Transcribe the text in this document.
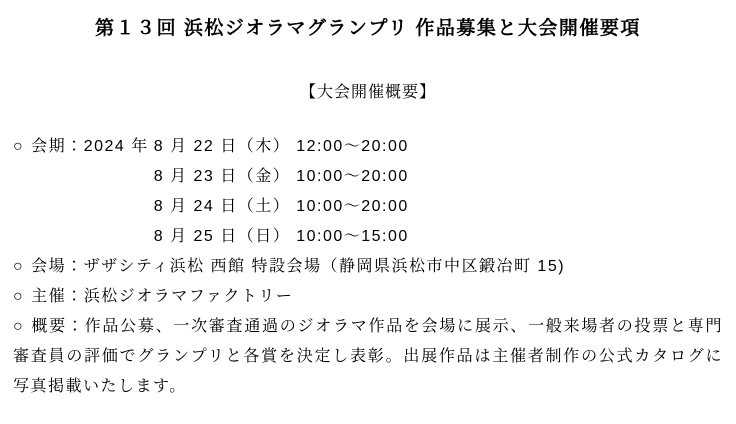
第１３回 浜松ジオラマグランプリ 作品募集と大会開催要項
【大会開催概要】
○ 会期：2024 年 8 月 22 日（木） 12:00～20:00
8 月 23 日（金） 10:00～20:00
8 月 24 日（土） 10:00～20:00
8 月 25 日（日） 10:00～15:00
○ 会場：ザザシティ浜松 西館 特設会場（静岡県浜松市中区鍛冶町 15)
○ 主催：浜松ジオラマファクトリー

○ 概要：作品公募、一次審査通過のジオラマ作品を会場に展示、一般来場者の投票と専門審査員の評価でグランプリと各賞を決定し表彰。出展作品は主催者制作の公式カタログに写真掲載いたします。
